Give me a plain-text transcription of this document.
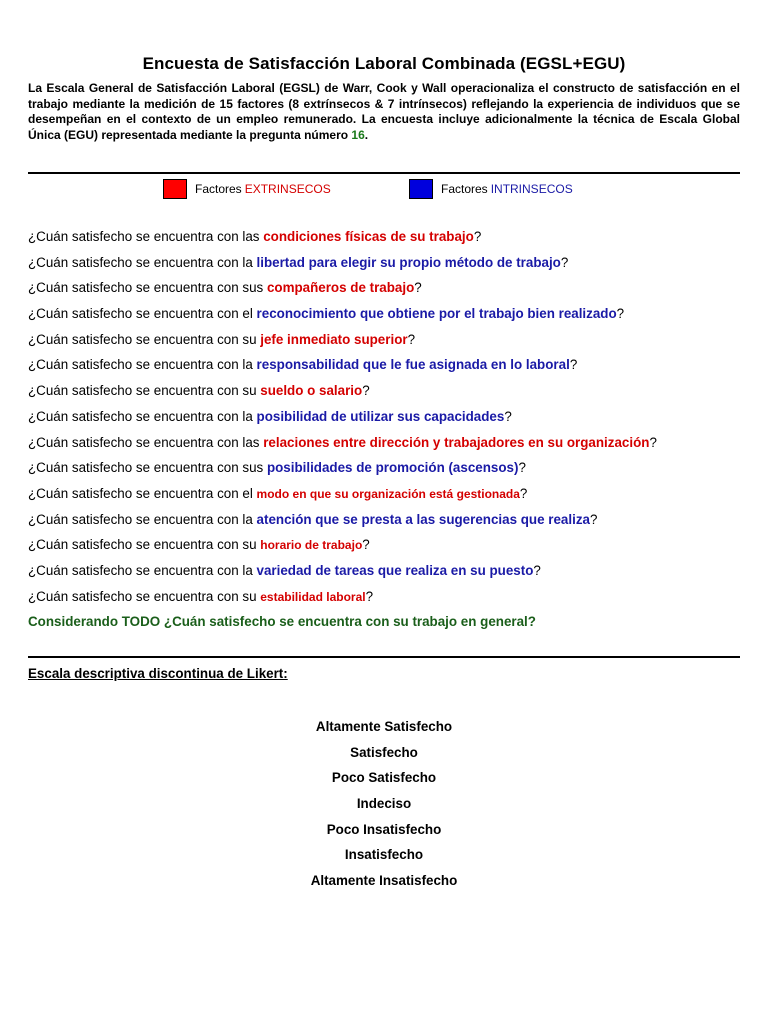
Encuesta de Satisfacción Laboral Combinada (EGSL+EGU)
La Escala General de Satisfacción Laboral (EGSL) de Warr, Cook y Wall operacionaliza el constructo de satisfacción en el trabajo mediante la medición de 15 factores (8 extrínsecos & 7 intrínsecos) reflejando la experiencia de individuos que se desempeñan en el contexto de un empleo remunerado. La encuesta incluye adicionalmente la técnica de Escala Global Única (EGU) representada mediante la pregunta número 16.
Factores EXTRINSECOS	Factores INTRINSECOS
¿Cuán satisfecho se encuentra con las condiciones físicas de su trabajo?
¿Cuán satisfecho se encuentra con la libertad para elegir su propio método de trabajo?
¿Cuán satisfecho se encuentra con sus compañeros de trabajo?
¿Cuán satisfecho se encuentra con el reconocimiento que obtiene por el trabajo bien realizado?
¿Cuán satisfecho se encuentra con su jefe inmediato superior?
¿Cuán satisfecho se encuentra con la responsabilidad que le fue asignada en lo laboral?
¿Cuán satisfecho se encuentra con su sueldo o salario?
¿Cuán satisfecho se encuentra con la posibilidad de utilizar sus capacidades?
¿Cuán satisfecho se encuentra con las relaciones entre dirección y trabajadores en su organización?
¿Cuán satisfecho se encuentra con sus posibilidades de promoción (ascensos)?
¿Cuán satisfecho se encuentra con el modo en que su organización está gestionada?
¿Cuán satisfecho se encuentra con la atención que se presta a las sugerencias que realiza?
¿Cuán satisfecho se encuentra con su horario de trabajo?
¿Cuán satisfecho se encuentra con la variedad de tareas que realiza en su puesto?
¿Cuán satisfecho se encuentra con su estabilidad laboral?
Considerando TODO ¿Cuán satisfecho se encuentra con su trabajo en general?
Escala descriptiva discontinua de Likert:
Altamente Satisfecho
Satisfecho
Poco Satisfecho
Indeciso
Poco Insatisfecho
Insatisfecho
Altamente Insatisfecho
